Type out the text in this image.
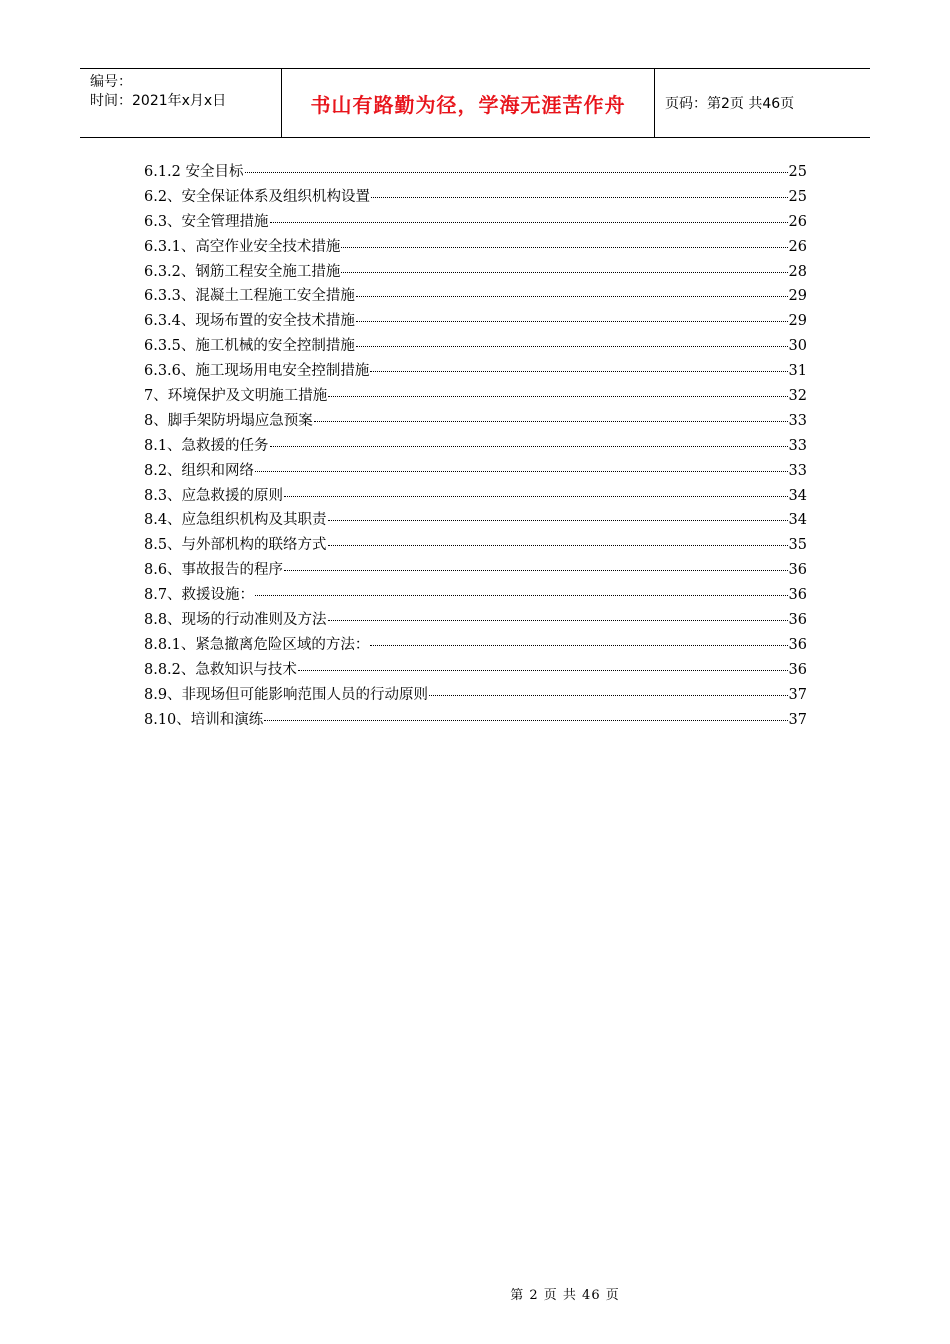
编号：
时间：2021年x月x日	书山有路勤为径，学海无涯苦作舟	页码：第2页 共46页
6.1.2 安全目标	25
6.2、安全保证体系及组织机构设置	25
6.3、安全管理措施	26
6.3.1、高空作业安全技术措施	26
6.3.2、钢筋工程安全施工措施	28
6.3.3、混凝土工程施工安全措施	29
6.3.4、现场布置的安全技术措施	29
6.3.5、施工机械的安全控制措施	30
6.3.6、施工现场用电安全控制措施	31
7、环境保护及文明施工措施	32
8、脚手架防坍塌应急预案	33
8.1、急救援的任务	33
8.2、组织和网络	33
8.3、应急救援的原则	34
8.4、应急组织机构及其职责	34
8.5、与外部机构的联络方式	35
8.6、事故报告的程序	36
8.7、救援设施：	36
8.8、现场的行动准则及方法	36
8.8.1、紧急撤离危险区域的方法：	36
8.8.2、急救知识与技术	36
8.9、非现场但可能影响范围人员的行动原则	37
8.10、培训和演练	37
第 2 页 共 46 页
